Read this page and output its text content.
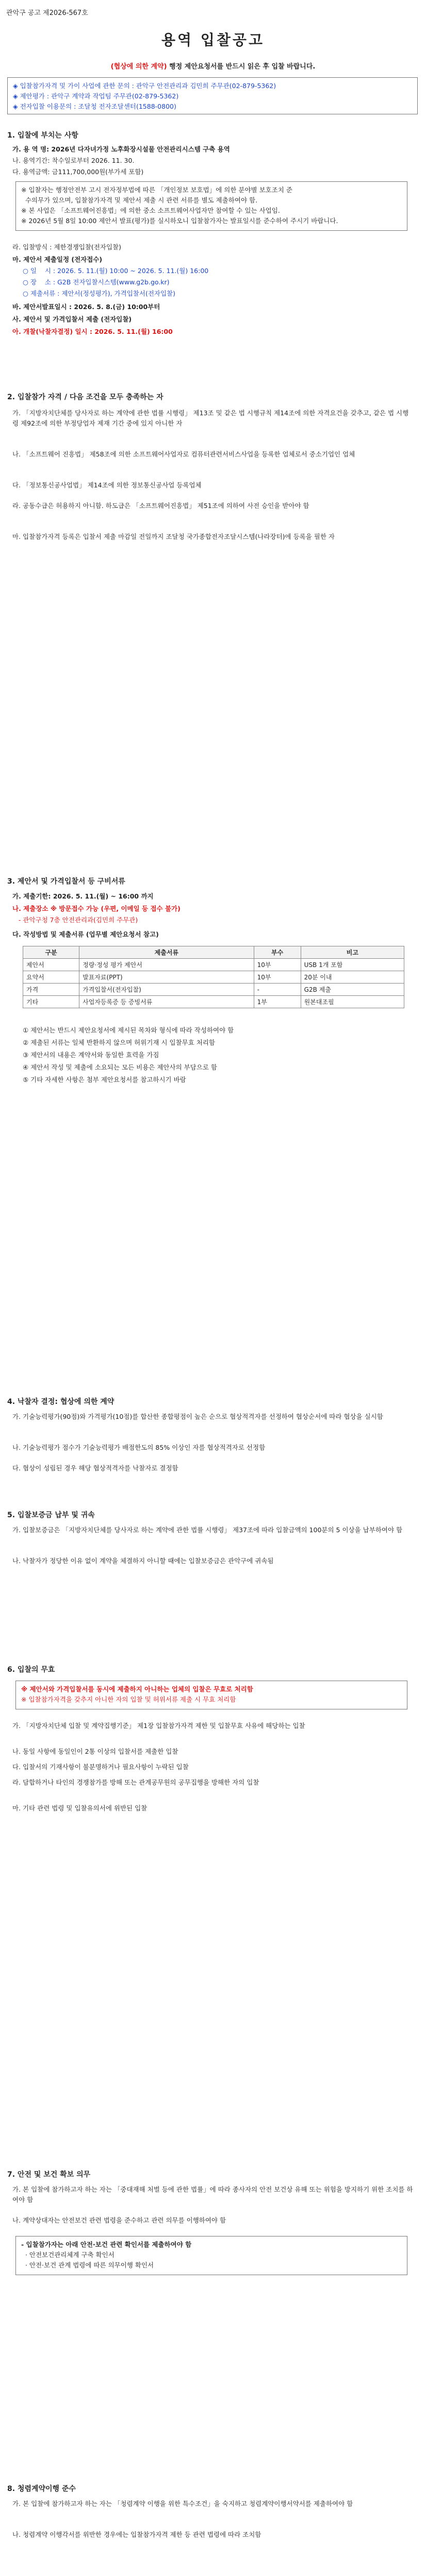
관악구 공고 제2026-567호
용역 입찰공고
(협상에 의한 계약) 행정 제안요청서를 반드시 읽은 후 입찰 바랍니다.

◈ 입찰참가자격 및 가이 사업에 관한 문의 : 관악구 안전관리과 김민희 주무관(02-879-5362)

◈ 제안평가 : 관악구 계약과 작업팀 주무관(02-879-5362)

◈ 전자입찰 이용문의 : 조달청 전자조달센터(1588-0800)

1. 입찰에 부치는 사항
가. 용 역 명: 2026년 다자녀가정 노후화장시설물 안전관리시스템 구축 용역
나. 용역기간: 착수일로부터 2026. 11. 30.
다. 용역금액: 금111,700,000원(부가세 포함)

※ 입찰자는 행정안전부 고시 전자정부법에 따른 「개인정보 보호법」에 의한 분야별 보호조치 준

수의무가 있으며, 입찰참가자격 및 제안서 제출 시 관련 서류를 별도 제출하여야 함.

※ 본 사업은 「소프트웨어진흥법」에 의한 중소 소프트웨어사업자만 참여할 수 있는 사업임.

※ 2026년 5월 8일 10:00 제안서 발표(평가)를 실시하오니 입찰참가자는 발표일시를 준수하여 주시기 바랍니다.

라. 입찰방식 : 제한경쟁입찰(전자입찰)
마. 제안서 제출일정 (전자접수)
○ 일    시 : 2026. 5. 11.(월) 10:00 ~ 2026. 5. 11.(월) 16:00
○ 장    소 : G2B 전자입찰시스템(www.g2b.go.kr)
○ 제출서류 : 제안서(정성평가), 가격입찰서(전자입찰)
바. 제안서발표일시 : 2026. 5. 8.(금) 10:00부터
사. 제안서 및 가격입찰서 제출 (전자입찰)
아. 개찰(낙찰자결정) 일시 : 2026. 5. 11.(월) 16:00
2. 입찰참가 자격 / 다음 조건을 모두 충족하는 자
가. 「지방자치단체를 당사자로 하는 계약에 관한 법률 시행령」 제13조 및 같은 법 시행규칙 제14조에 의한 자격요건을 갖추고, 같은 법 시행령 제92조에 의한 부정당업자 제재 기간 중에 있지 아니한 자
나. 「소프트웨어 진흥법」 제58조에 의한 소프트웨어사업자로 컴퓨터관련서비스사업을 등록한 업체로서 중소기업인 업체
다. 「정보통신공사업법」 제14조에 의한 정보통신공사업 등록업체
라. 공동수급은 허용하지 아니함. 하도급은 「소프트웨어진흥법」 제51조에 의하여 사전 승인을 받아야 함
마. 입찰참가자격 등록은 입찰서 제출 마감일 전일까지 조달청 국가종합전자조달시스템(나라장터)에 등록을 필한 자
3. 제안서 및 가격입찰서 등 구비서류
가. 제출기한: 2026. 5. 11.(월) ~ 16:00 까지
나. 제출장소 ※ 방문접수 가능 (우편, 이메일 등 접수 불가)
- 관악구청 7층 안전관리과(김민희 주무관)
다. 작성방법 및 제출서류 (업무별 제안요청서 참고)
구분	제출서류	부수	비고
제안서	정량·정성 평가 제안서	10부	USB 1개 포함
요약서	발표자료(PPT)	10부	20분 이내
가격	가격입찰서(전자입찰)	-	G2B 제출
기타	사업자등록증 등 증빙서류	1부	원본대조필
① 제안서는 반드시 제안요청서에 제시된 목차와 형식에 따라 작성하여야 함
② 제출된 서류는 일체 반환하지 않으며 허위기재 시 입찰무효 처리함
③ 제안서의 내용은 계약서와 동일한 효력을 가짐
④ 제안서 작성 및 제출에 소요되는 모든 비용은 제안사의 부담으로 함
⑤ 기타 자세한 사항은 첨부 제안요청서를 참고하시기 바람
4. 낙찰자 결정: 협상에 의한 계약
가. 기술능력평가(90점)와 가격평가(10점)를 합산한 종합평점이 높은 순으로 협상적격자를 선정하여 협상순서에 따라 협상을 실시함
나. 기술능력평가 점수가 기술능력평가 배점한도의 85% 이상인 자를 협상적격자로 선정함
다. 협상이 성립된 경우 해당 협상적격자를 낙찰자로 결정함
5. 입찰보증금 납부 및 귀속
가. 입찰보증금은 「지방자치단체를 당사자로 하는 계약에 관한 법률 시행령」 제37조에 따라 입찰금액의 100분의 5 이상을 납부하여야 함
나. 낙찰자가 정당한 이유 없이 계약을 체결하지 아니할 때에는 입찰보증금은 관악구에 귀속됨
6. 입찰의 무효

※ 제안서와 가격입찰서를 동시에 제출하지 아니하는 업체의 입찰은 무효로 처리함

※ 입찰참가자격을 갖추지 아니한 자의 입찰 및 허위서류 제출 시 무효 처리함

가. 「지방자치단체 입찰 및 계약집행기준」 제1장 입찰참가자격 제한 및 입찰무효 사유에 해당하는 입찰
나. 동일 사항에 동일인이 2통 이상의 입찰서를 제출한 입찰
다. 입찰서의 기재사항이 불분명하거나 필요사항이 누락된 입찰
라. 담합하거나 타인의 경쟁참가를 방해 또는 관계공무원의 공무집행을 방해한 자의 입찰
마. 기타 관련 법령 및 입찰유의서에 위반된 입찰
7. 안전 및 보건 확보 의무
가. 본 입찰에 참가하고자 하는 자는 「중대재해 처벌 등에 관한 법률」에 따라 종사자의 안전 보건상 유해 또는 위험을 방지하기 위한 조치를 하여야 함
나. 계약상대자는 안전보건 관련 법령을 준수하고 관련 의무를 이행하여야 함

- 입찰참가자는 아래 안전·보건 관련 확인서를 제출하여야 함

· 안전보건관리체계 구축 확인서

· 안전·보건 관계 법령에 따른 의무이행 확인서

8. 청렴계약이행 준수
가. 본 입찰에 참가하고자 하는 자는 「청렴계약 이행을 위한 특수조건」을 숙지하고 청렴계약이행서약서를 제출하여야 함
나. 청렴계약 이행각서를 위반한 경우에는 입찰참가자격 제한 등 관련 법령에 따라 조치함
